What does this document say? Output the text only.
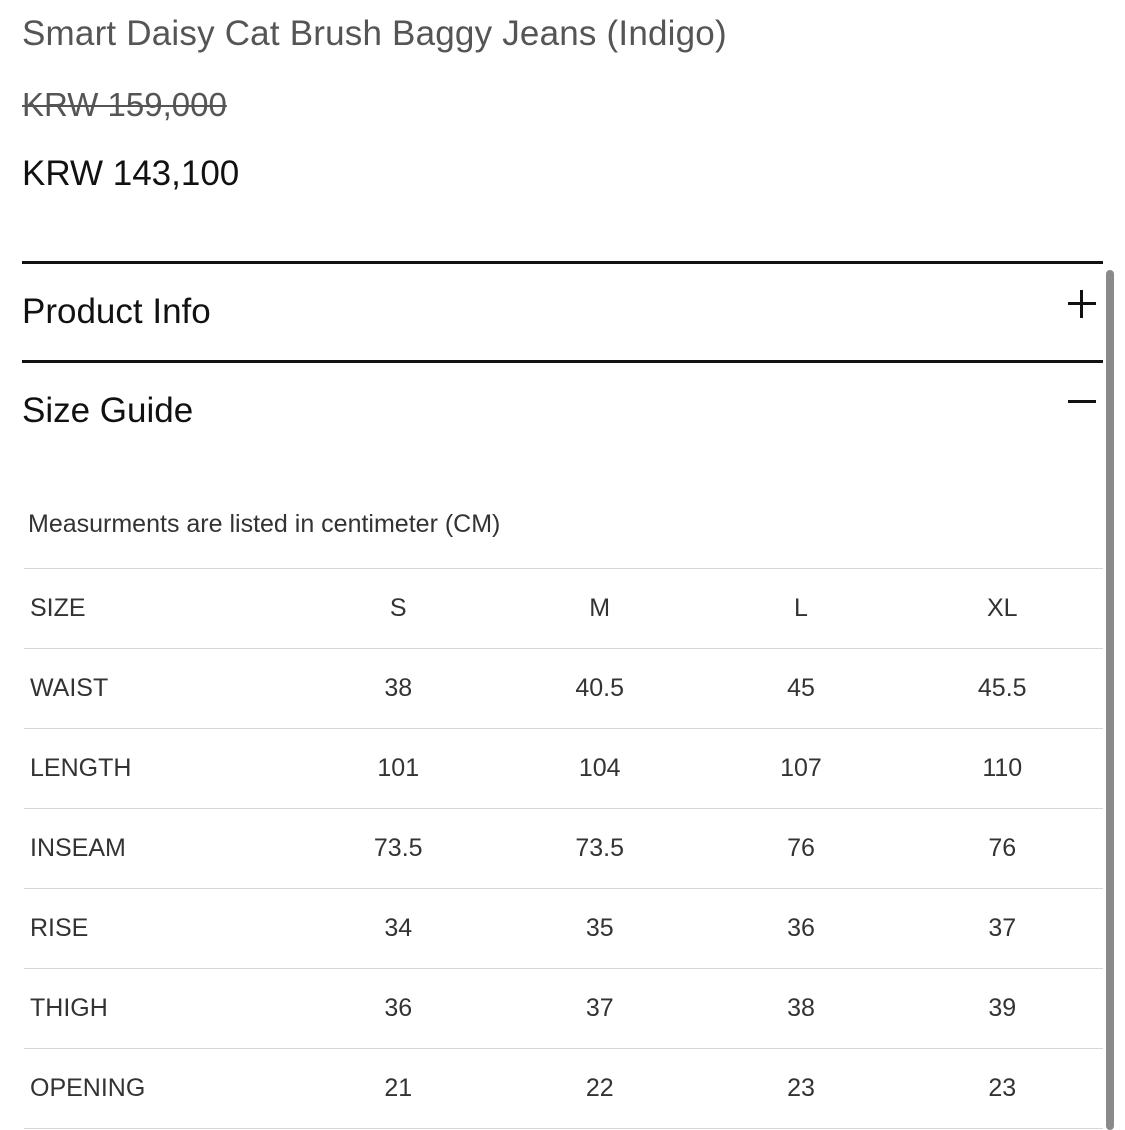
Smart Daisy Cat Brush Baggy Jeans (Indigo)
KRW 159,000
KRW 143,100
Product Info
Size Guide
Measurments are listed in centimeter (CM)
SIZE	S	M	L	XL
WAIST	38	40.5	45	45.5
LENGTH	101	104	107	110
INSEAM	73.5	73.5	76	76
RISE	34	35	36	37
THIGH	36	37	38	39
OPENING	21	22	23	23
